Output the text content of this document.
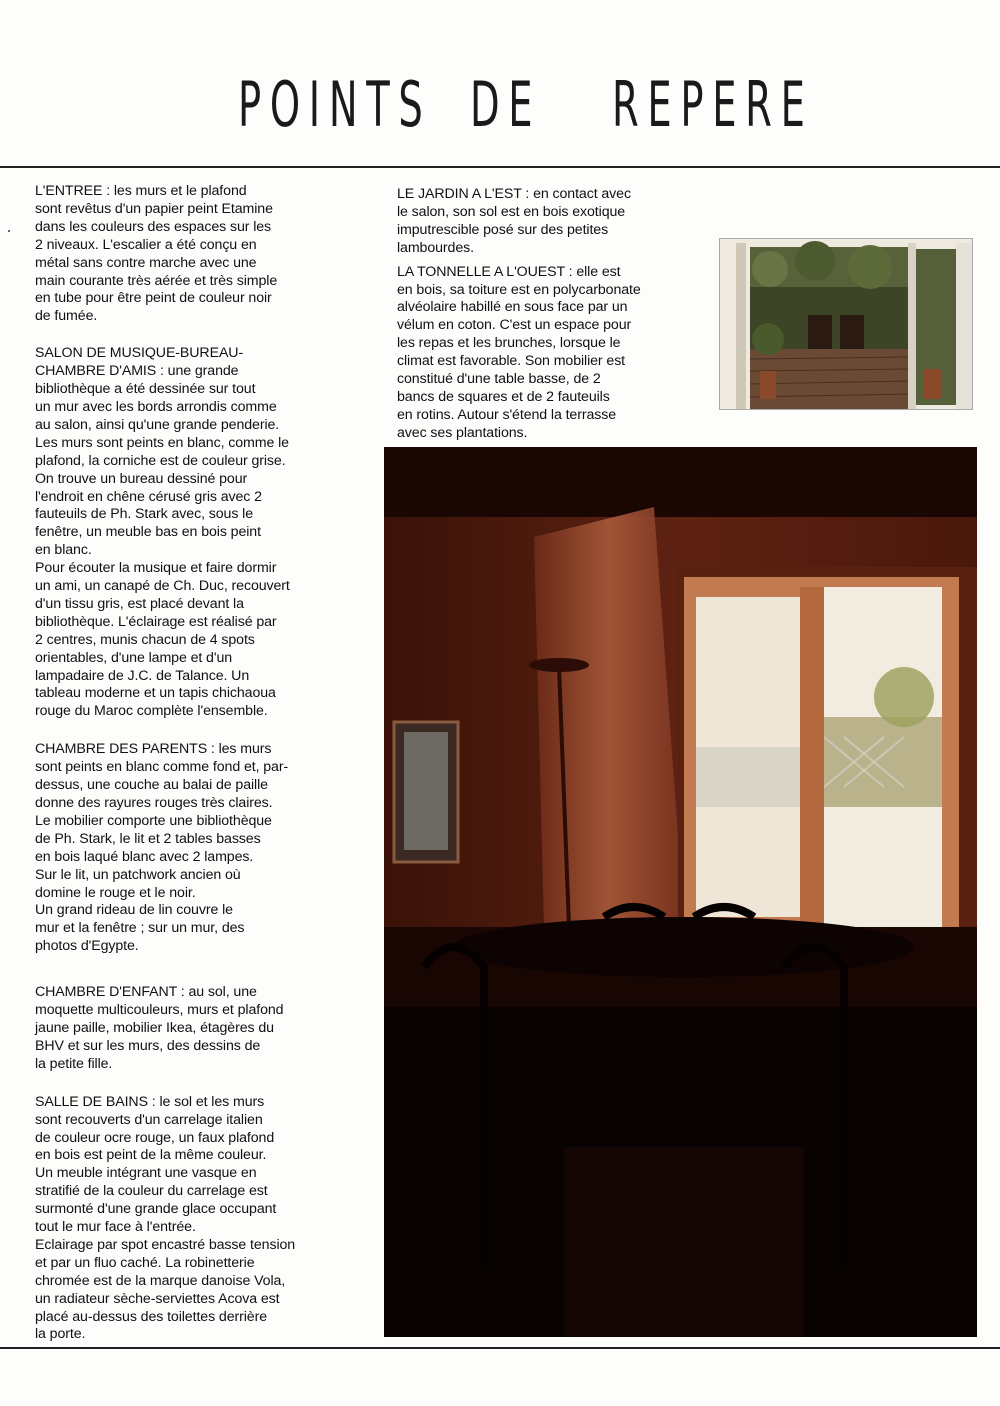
POINTS DE REPERE

L'ENTREE : les murs et le plafond
sont revêtus d'un papier peint Etamine
dans les couleurs des espaces sur les
2 niveaux. L'escalier a été conçu en
métal sans contre marche avec une
main courante très aérée et très simple
en tube pour être peint de couleur noir
de fumée.

SALON DE MUSIQUE-BUREAU-
CHAMBRE D'AMIS : une grande
bibliothèque a été dessinée sur tout
un mur avec les bords arrondis comme
au salon, ainsi qu'une grande penderie.
Les murs sont peints en blanc, comme le
plafond, la corniche est de couleur grise.
On trouve un bureau dessiné pour
l'endroit en chêne cérusé gris avec 2
fauteuils de Ph. Stark avec, sous le
fenêtre, un meuble bas en bois peint
en blanc.
Pour écouter la musique et faire dormir
un ami, un canapé de Ch. Duc, recouvert
d'un tissu gris, est placé devant la
bibliothèque. L'éclairage est réalisé par
2 centres, munis chacun de 4 spots
orientables, d'une lampe et d'un
lampadaire de J.C. de Talance. Un
tableau moderne et un tapis chichaoua
rouge du Maroc complète l'ensemble.

CHAMBRE DES PARENTS : les murs
sont peints en blanc comme fond et, par-
dessus, une couche au balai de paille
donne des rayures rouges très claires.
Le mobilier comporte une bibliothèque
de Ph. Stark, le lit et 2 tables basses
en bois laqué blanc avec 2 lampes.
Sur le lit, un patchwork ancien où
domine le rouge et le noir.
Un grand rideau de lin couvre le
mur et la fenêtre ; sur un mur, des
photos d'Egypte.

CHAMBRE D'ENFANT : au sol, une
moquette multicouleurs, murs et plafond
jaune paille, mobilier Ikea, étagères du
BHV et sur les murs, des dessins de
la petite fille.

SALLE DE BAINS : le sol et les murs
sont recouverts d'un carrelage italien
de couleur ocre rouge, un faux plafond
en bois est peint de la même couleur.
Un meuble intégrant une vasque en
stratifié de la couleur du carrelage est
surmonté d'une grande glace occupant
tout le mur face à l'entrée.
Eclairage par spot encastré basse tension
et par un fluo caché. La robinetterie
chromée est de la marque danoise Vola,
un radiateur sèche-serviettes Acova est
placé au-dessus des toilettes derrière
la porte.

LE JARDIN A L'EST : en contact avec
le salon, son sol est en bois exotique
imputrescible posé sur des petites
lambourdes.

LA TONNELLE A L'OUEST : elle est
en bois, sa toiture est en polycarbonate
alvéolaire habillé en sous face par un
vélum en coton. C'est un espace pour
les repas et les brunches, lorsque le
climat est favorable. Son mobilier est
constitué d'une table basse, de 2
bancs de squares et de 2 fauteuils
en rotins. Autour s'étend la terrasse
avec ses plantations.
